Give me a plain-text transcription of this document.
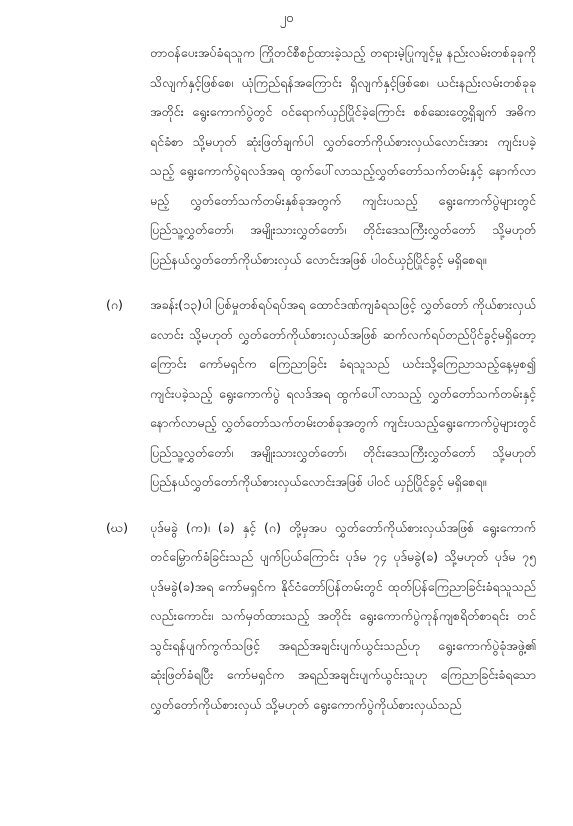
၂၀
တာဝန်ပေးအပ်ခံရသူက ကြိုတင်စီစဉ်ထားခဲ့သည့် တရားမဲ့ပြုကျင့်မှု နည်းလမ်းတစ်ခုခုကို သိလျက်နှင့်ဖြစ်စေ၊ ယုံကြည်ရန်အကြောင်း ရှိလျက်နှင့်ဖြစ်စေ၊ ယင်းနည်းလမ်းတစ်ခုခုအတိုင်း ရွေးကောက်ပွဲတွင် ဝင်ရောက်ယှဉ်ပြိုင်ခဲ့ကြောင်း စစ်ဆေးတွေ့ရှိချက် အဓိကရင်ခံစာ သို့မဟုတ် ဆုံးဖြတ်ချက်ပါ လွှတ်တော်ကိုယ်စားလှယ်လောင်းအား ကျင်းပခဲ့သည့် ရွေးကောက်ပွဲရလဒ်အရ ထွက်ပေါ်လာသည့်လွှတ်တော်သက်တမ်းနှင့် နောက်လာမည့် လွှတ်တော်သက်တမ်းနှစ်ခုအတွက် ကျင်းပသည့် ရွေးကောက်ပွဲများတွင် ပြည်သူ့လွှတ်တော်၊ အမျိုးသားလွှတ်တော်၊ တိုင်းဒေသကြီးလွှတ်တော် သို့မဟုတ် ပြည်နယ်လွှတ်တော်ကိုယ်စားလှယ် လောင်းအဖြစ် ပါဝင်ယှဉ်ပြိုင်ခွင့် မရှိစေရ။
(ဂ)	အခန်း(၁၃)ပါ ပြစ်မှုတစ်ရပ်ရပ်အရ ထောင်ဒဏ်ကျခံရသဖြင့် လွှတ်တော် ကိုယ်စားလှယ်လောင်း သို့မဟုတ် လွှတ်တော်ကိုယ်စားလှယ်အဖြစ် ဆက်လက်ရပ်တည်ပိုင်ခွင့်မရှိတော့ကြောင်း ကော်မရှင်က ကြေညာခြင်း ခံရသူသည် ယင်းသို့ကြေညာသည့်နေ့မှစ၍ ကျင်းပခဲ့သည့် ရွေးကောက်ပွဲ ရလဒ်အရ ထွက်ပေါ်လာသည့် လွှတ်တော်သက်တမ်းနှင့် နောက်လာမည့် လွှတ်တော်သက်တမ်းတစ်ခုအတွက် ကျင်းပသည့်ရွေးကောက်ပွဲများတွင် ပြည်သူ့လွှတ်တော်၊ အမျိုးသားလွှတ်တော်၊ တိုင်းဒေသကြီးလွှတ်တော် သို့မဟုတ် ပြည်နယ်လွှတ်တော်ကိုယ်စားလှယ်လောင်းအဖြစ် ပါဝင် ယှဉ်ပြိုင်ခွင့် မရှိစေရ။
(ဃ)	ပုဒ်မခွဲ (က)၊ (ခ) နှင့် (ဂ) တို့မှအပ လွှတ်တော်ကိုယ်စားလှယ်အဖြစ် ရွေးကောက်တင်မြှောက်ခံခြင်းသည် ပျက်ပြယ်ကြောင်း ပုဒ်မ ၇၄ ပုဒ်မခွဲ(ခ) သို့မဟုတ် ပုဒ်မ ၇၅ ပုဒ်မခွဲ(ခ)အရ ကော်မရှင်က နိုင်ငံတော်ပြန်တမ်းတွင် ထုတ်ပြန်ကြေညာခြင်းခံရသူသည်လည်းကောင်း၊ သက်မှတ်ထားသည့် အတိုင်း ရွေးကောက်ပွဲကုန်ကျစရိတ်စာရင်း တင်သွင်းရန်ပျက်ကွက်သဖြင့် အရည်အချင်းပျက်ယွင်းသည်ဟု ရွေးကောက်ပွဲခုံအဖွဲ့၏ ဆုံးဖြတ်ခံရပြီး ကော်မရှင်က အရည်အချင်းပျက်ယွင်းသူဟု ကြေညာခြင်းခံရသော လွှတ်တော်ကိုယ်စားလှယ် သို့မဟုတ် ရွေးကောက်ပွဲကိုယ်စားလှယ်သည်
